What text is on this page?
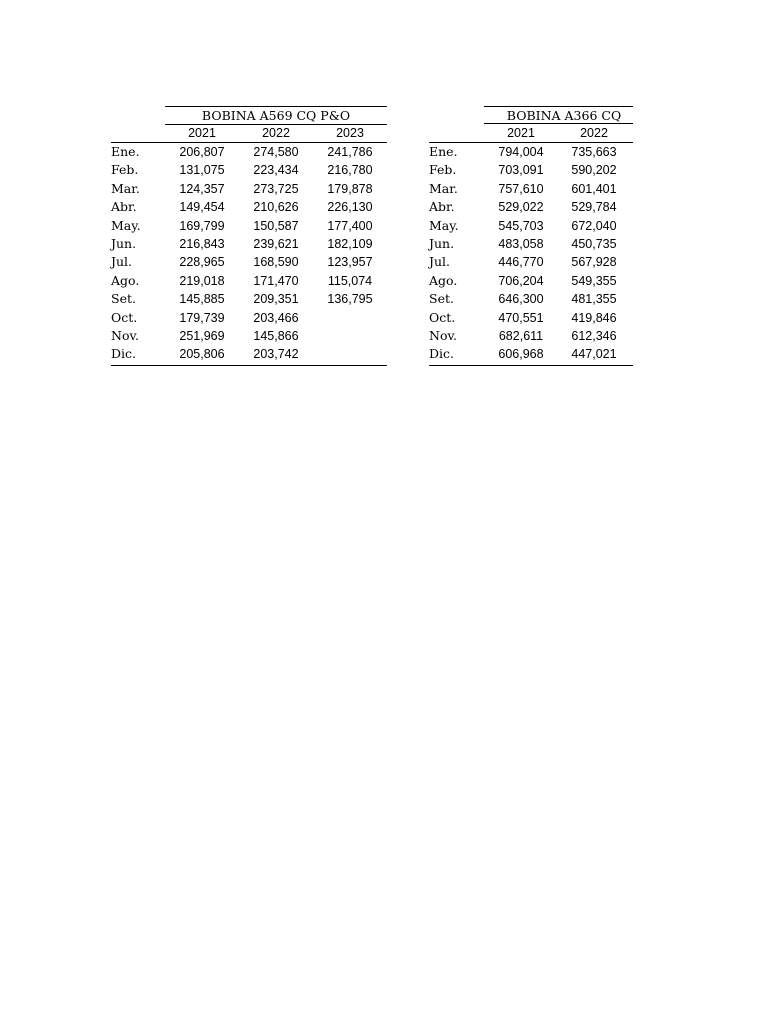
BOBINA A569 CQ P&O
2021	2022	2023
Ene.	206,807	274,580	241,786
Feb.	131,075	223,434	216,780
Mar.	124,357	273,725	179,878
Abr.	149,454	210,626	226,130
May.	169,799	150,587	177,400
Jun.	216,843	239,621	182,109
Jul.	228,965	168,590	123,957
Ago.	219,018	171,470	115,074
Set.	145,885	209,351	136,795
Oct.	179,739	203,466
Nov.	251,969	145,866
Dic.	205,806	203,742
BOBINA A366 CQ
2021	2022
Ene.	794,004	735,663
Feb.	703,091	590,202
Mar.	757,610	601,401
Abr.	529,022	529,784
May.	545,703	672,040
Jun.	483,058	450,735
Jul.	446,770	567,928
Ago.	706,204	549,355
Set.	646,300	481,355
Oct.	470,551	419,846
Nov.	682,611	612,346
Dic.	606,968	447,021
